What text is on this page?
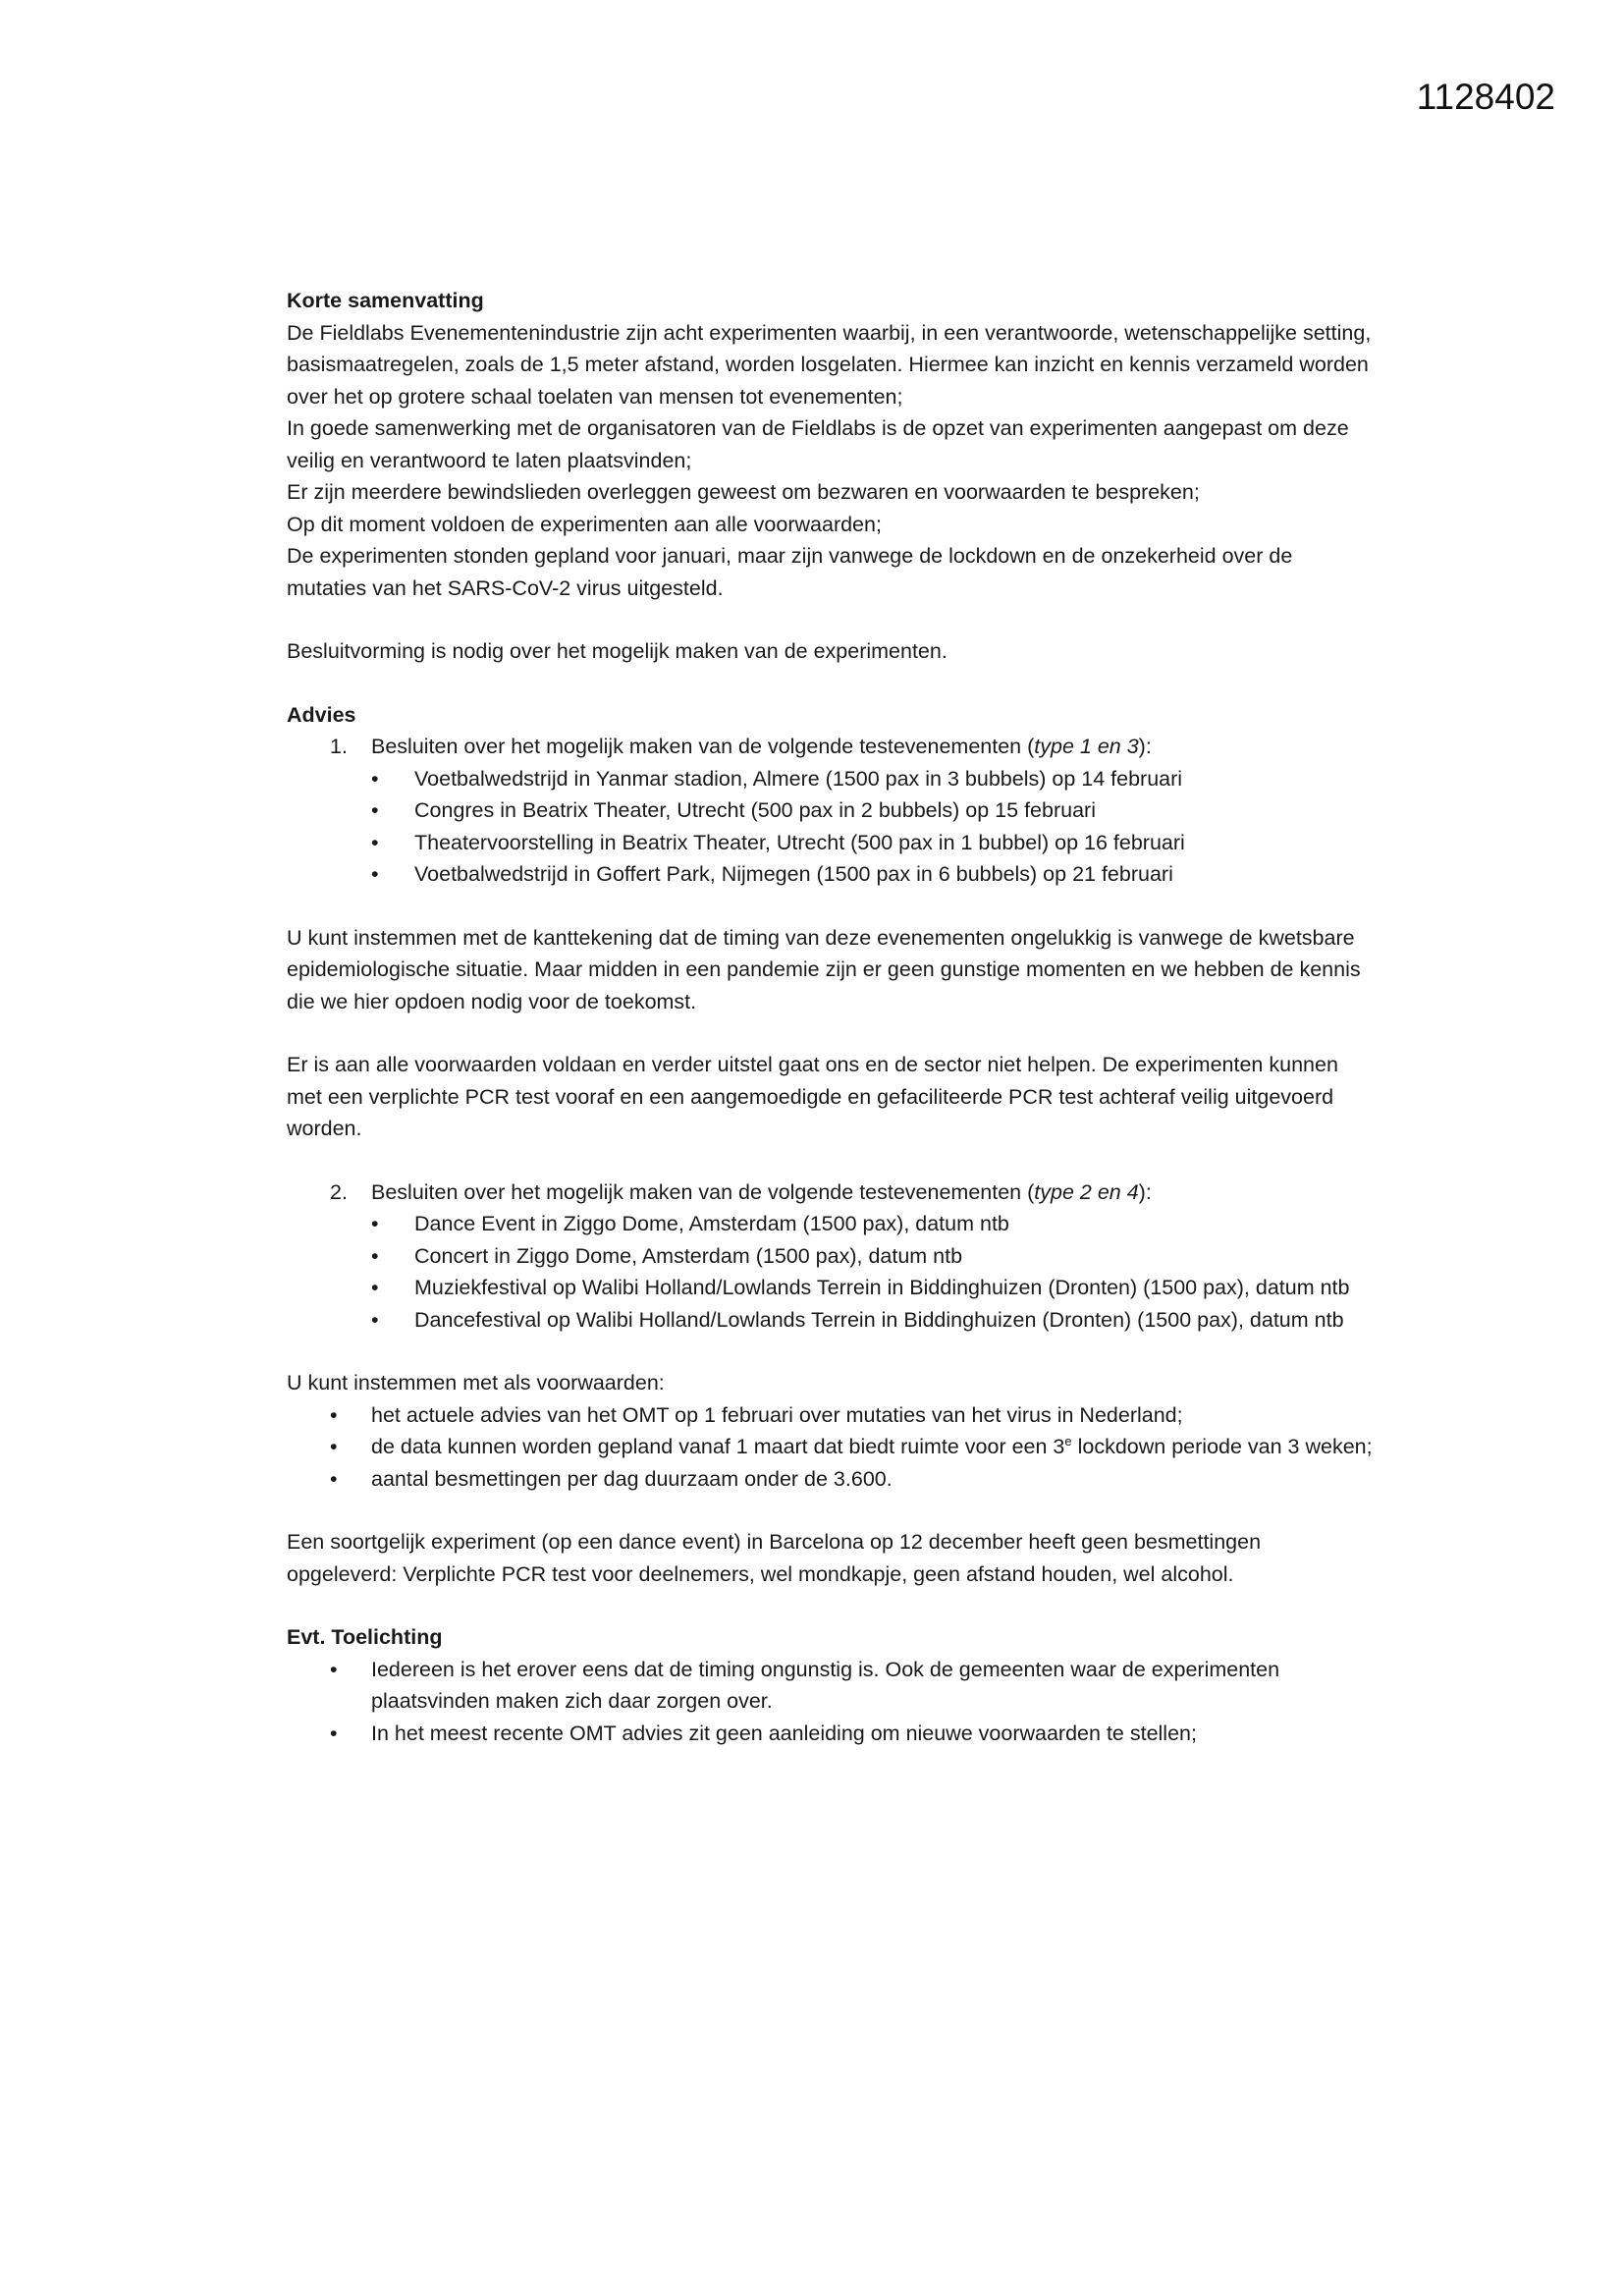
1128402

Korte samenvatting

De Fieldlabs Evenementenindustrie zijn acht experimenten waarbij, in een verantwoorde, wetenschappelijke setting, basismaatregelen, zoals de 1,5 meter afstand, worden losgelaten. Hiermee kan inzicht en kennis verzameld worden over het op grotere schaal toelaten van mensen tot evenementen;

In goede samenwerking met de organisatoren van de Fieldlabs is de opzet van experimenten aangepast om deze veilig en verantwoord te laten plaatsvinden;

Er zijn meerdere bewindslieden overleggen geweest om bezwaren en voorwaarden te bespreken;

Op dit moment voldoen de experimenten aan alle voorwaarden;

De experimenten stonden gepland voor januari, maar zijn vanwege de lockdown en de onzekerheid over de mutaties van het SARS-CoV-2 virus uitgesteld.

Besluitvorming is nodig over het mogelijk maken van de experimenten.

Advies

1. Besluiten over het mogelijk maken van de volgende testevenementen (type 1 en 3):
• Voetbalwedstrijd in Yanmar stadion, Almere (1500 pax in 3 bubbels) op 14 februari
• Congres in Beatrix Theater, Utrecht (500 pax in 2 bubbels) op 15 februari
• Theatervoorstelling in Beatrix Theater, Utrecht (500 pax in 1 bubbel) op 16 februari
• Voetbalwedstrijd in Goffert Park, Nijmegen (1500 pax in 6 bubbels) op 21 februari

U kunt instemmen met de kanttekening dat de timing van deze evenementen ongelukkig is vanwege de kwetsbare epidemiologische situatie. Maar midden in een pandemie zijn er geen gunstige momenten en we hebben de kennis die we hier opdoen nodig voor de toekomst.

Er is aan alle voorwaarden voldaan en verder uitstel gaat ons en de sector niet helpen. De experimenten kunnen met een verplichte PCR test vooraf en een aangemoedigde en gefaciliteerde PCR test achteraf veilig uitgevoerd worden.

2. Besluiten over het mogelijk maken van de volgende testevenementen (type 2 en 4):
• Dance Event in Ziggo Dome, Amsterdam (1500 pax), datum ntb
• Concert in Ziggo Dome, Amsterdam (1500 pax), datum ntb
• Muziekfestival op Walibi Holland/Lowlands Terrein in Biddinghuizen (Dronten) (1500 pax), datum ntb
• Dancefestival op Walibi Holland/Lowlands Terrein in Biddinghuizen (Dronten) (1500 pax), datum ntb

U kunt instemmen met als voorwaarden:

• het actuele advies van het OMT op 1 februari over mutaties van het virus in Nederland;
• de data kunnen worden gepland vanaf 1 maart dat biedt ruimte voor een 3e lockdown periode van 3 weken;
• aantal besmettingen per dag duurzaam onder de 3.600.

Een soortgelijk experiment (op een dance event) in Barcelona op 12 december heeft geen besmettingen opgeleverd: Verplichte PCR test voor deelnemers, wel mondkapje, geen afstand houden, wel alcohol.

Evt. Toelichting

• Iedereen is het erover eens dat de timing ongunstig is. Ook de gemeenten waar de experimenten plaatsvinden maken zich daar zorgen over.
• In het meest recente OMT advies zit geen aanleiding om nieuwe voorwaarden te stellen;
